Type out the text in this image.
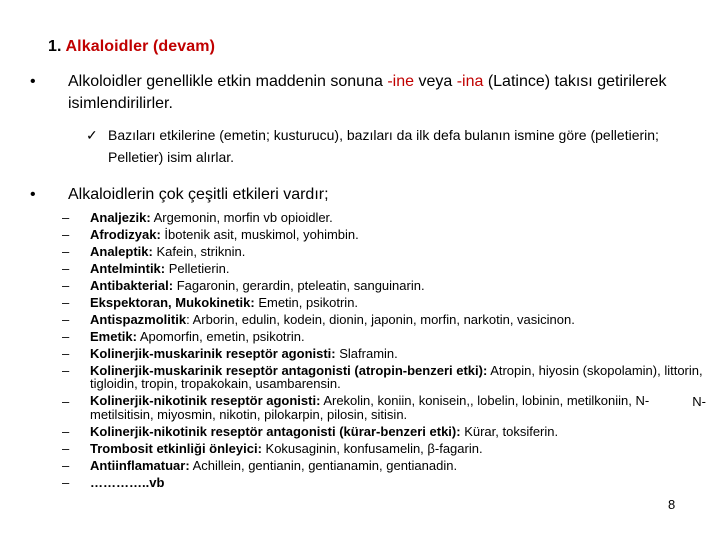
1. Alkaloidler (devam)
• Alkoloidler genellikle etkin maddenin sonuna -ine veya -ina (Latince) takısı getirilerek isimlendirilirler.
✓ Bazıları etkilerine (emetin; kusturucu), bazıları da ilk defa bulanın ismine göre (pelletierin; Pelletier) isim alırlar.
• Alkaloidlerin çok çeşitli etkileri vardır;
– Analjezik: Argemonin, morfin vb opioidler.
– Afrodizyak: İbotenik asit, muskimol, yohimbin.
– Analeptik: Kafein, striknin.
– Antelmintik: Pelletierin.
– Antibakterial: Fagaronin, gerardin, pteleatin, sanguinarin.
– Ekspektoran, Mukokinetik: Emetin, psikotrin.
– Antispazmolitik: Arborin, edulin, kodein, dionin, japonin, morfin, narkotin, vasicinon.
– Emetik: Apomorfin, emetin, psikotrin.
– Kolinerjik-muskarinik reseptör agonisti: Slaframin.
– Kolinerjik-muskarinik reseptör antagonisti (atropin-benzeri etki): Atropin, hiyosin (skopolamin), littorin, tigloidin, tropin, tropakokain, usambarensin.
– Kolinerjik-nikotinik reseptör agonisti: Arekolin, koniin, konisein,, lobelin, lobinin, metilkoniin, N-metilsitisin, miyosmin, nikotin, pilokarpin, pilosin, sitisin.
N-
– Kolinerjik-nikotinik reseptör antagonisti (kürar-benzeri etki): Kürar, toksiferin.
– Trombosit etkinliği önleyici: Kokusaginin, konfusamelin, β-fagarin.
– Antiinflamatuar: Achillein, gentianin, gentianamin, gentianadin.
– …………..vb
8
